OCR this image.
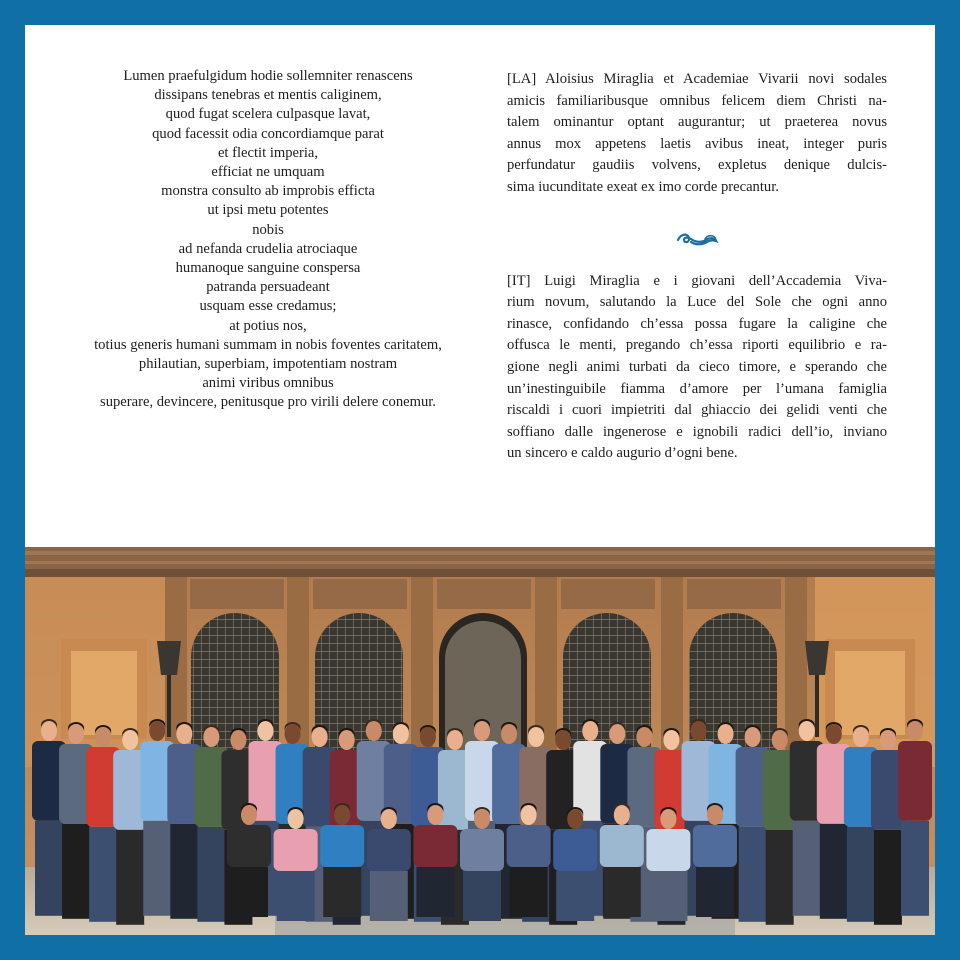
Lumen praefulgidum hodie sollemniter renascens
dissipans tenebras et mentis caliginem,
quod fugat scelera culpasque lavat,
quod facessit odia concordiamque parat
et flectit imperia,
efficiat ne umquam
monstra consulto ab improbis efficta
ut ipsi metu potentes
nobis
ad nefanda crudelia atrociaque
humanoque sanguine conspersa
patranda persuadeant
usquam esse credamus;
at potius nos,
totius generis humani summam in nobis foventes caritatem,
philautian, superbiam, impotentiam nostram
animi viribus omnibus
superare, devincere, penitusque pro virili delere conemur.
[LA] Aloisius Miraglia et Academiae Vivarii novi sodales
amicis familiaribusque omnibus felicem diem Christi na-
talem ominantur optant augurantur; ut praeterea novus
annus mox appetens laetis avibus ineat, integer puris
perfundatur gaudiis volvens, expletus denique dulcis-
sima iucunditate exeat ex imo corde precantur.
[IT] Luigi Miraglia e i giovani dell’Accademia Viva-
rium novum, salutando la Luce del Sole che ogni anno
rinasce, confidando ch’essa possa fugare la caligine che
offusca le menti, pregando ch’essa riporti equilibrio e ra-
gione negli animi turbati da cieco timore, e sperando che
un’inestinguibile fiamma d’amore per l’umana famiglia
riscaldi i cuori impietriti dal ghiaccio dei gelidi venti che
soffiano dalle ingenerose e ignobili radici dell’io, inviano
un sincero e caldo augurio d’ogni bene.
